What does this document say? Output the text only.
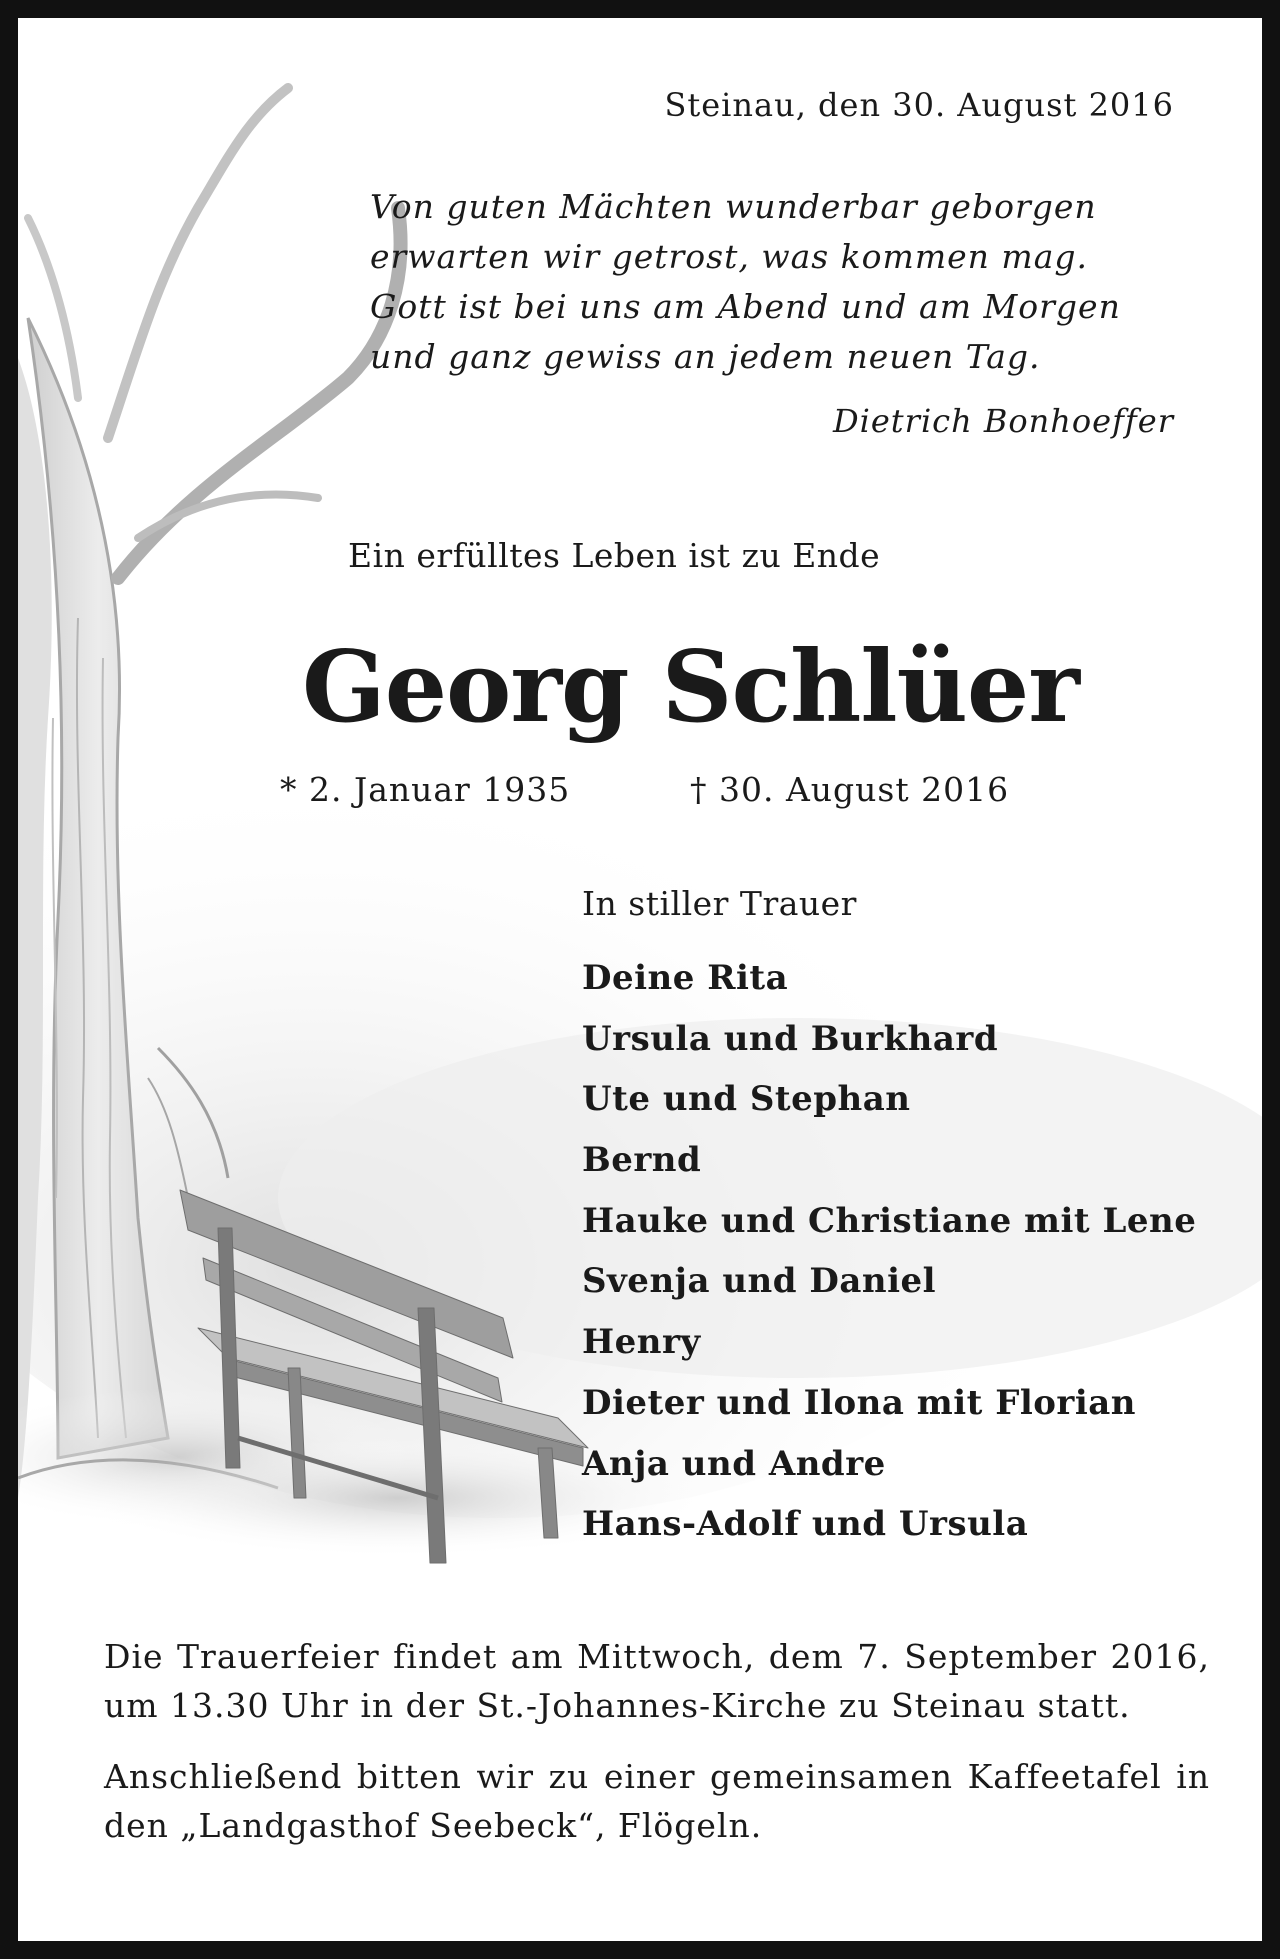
Steinau, den 30. August 2016
Von guten Mächten wunderbar geborgen
erwarten wir getrost, was kommen mag.
Gott ist bei uns am Abend und am Morgen
und ganz gewiss an jedem neuen Tag.
Dietrich Bonhoeffer
Ein erfülltes Leben ist zu Ende
Georg Schlüer
* 2. Januar 1935	† 30. August 2016
In stiller Trauer
Deine Rita
Ursula und Burkhard
Ute und Stephan
Bernd
Hauke und Christiane mit Lene
Svenja und Daniel
Henry
Dieter und Ilona mit Florian
Anja und Andre
Hans-Adolf und Ursula

Die Trauerfeier findet am Mittwoch, dem 7. September 2016, um 13.30 Uhr in der St.-Johannes-Kirche zu Steinau statt.

Anschließend bitten wir zu einer gemeinsamen Kaffeetafel in den „Landgasthof Seebeck“, Flögeln.
